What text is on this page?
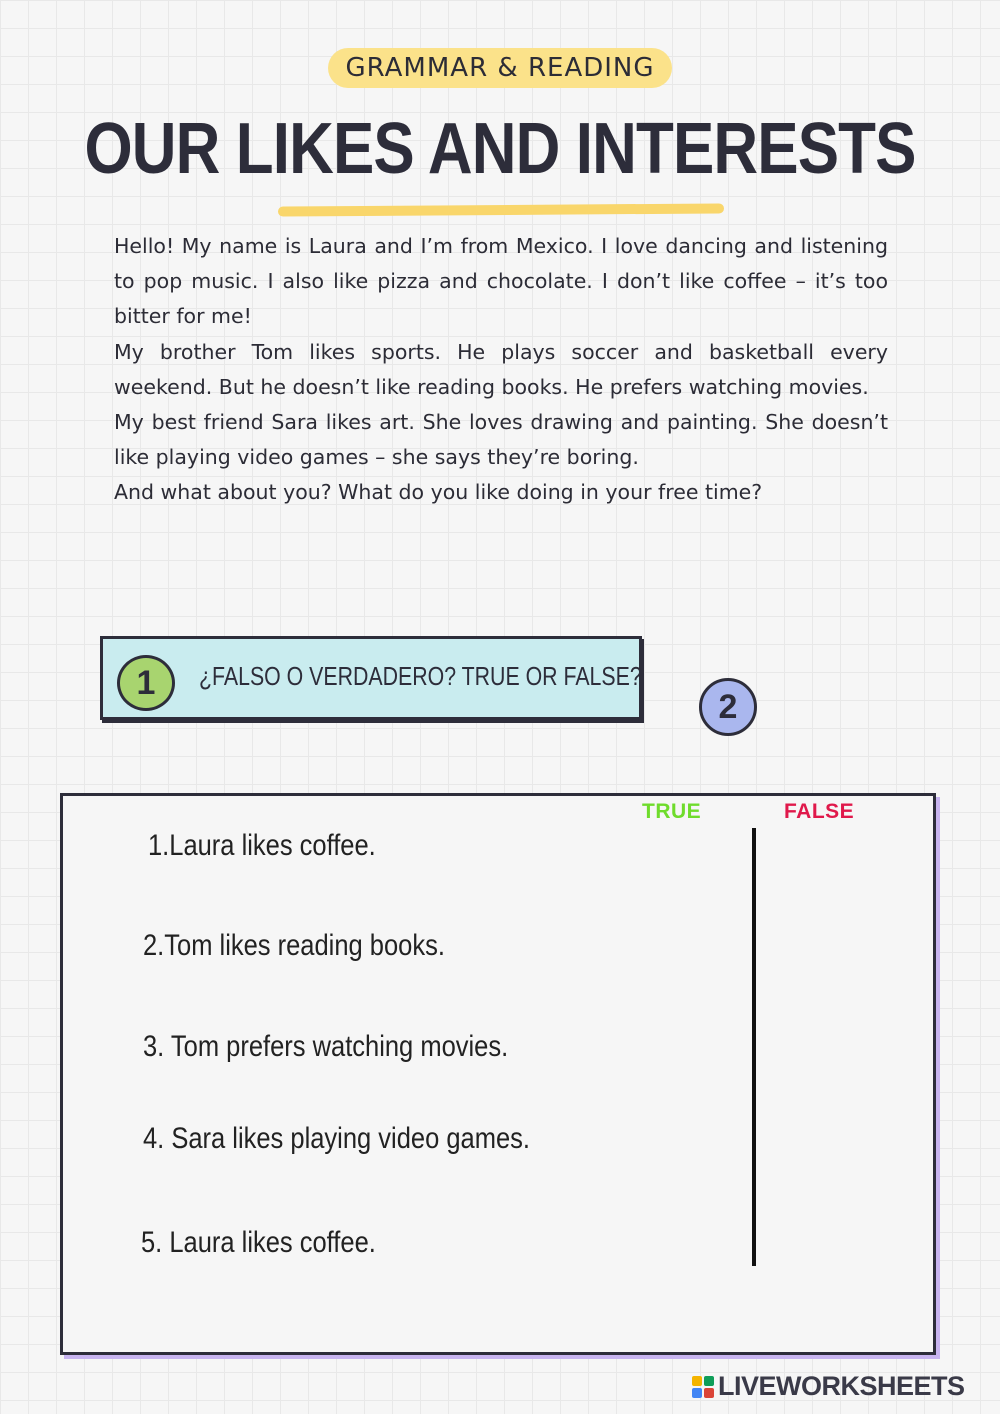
GRAMMAR & READING
OUR LIKES AND INTERESTS

Hello! My name is Laura and I’m from Mexico. I love dancing and listening to pop music. I also like pizza and chocolate. I don’t like coffee – it’s too bitter for me!

My brother Tom likes sports. He plays soccer and basketball every weekend. But he doesn’t like reading books. He prefers watching movies.

My best friend Sara likes art. She loves drawing and painting. She doesn’t like playing video games – she says they’re boring.

And what about you? What do you like doing in your free time?

1	¿FALSO O VERDADERO? TRUE OR FALSE?
2
TRUE	FALSE
1.Laura likes coffee.
2.Tom likes reading books.
3. Tom prefers watching movies.
4. Sara likes playing video games.
5. Laura likes coffee.
LIVEWORKSHEETS
